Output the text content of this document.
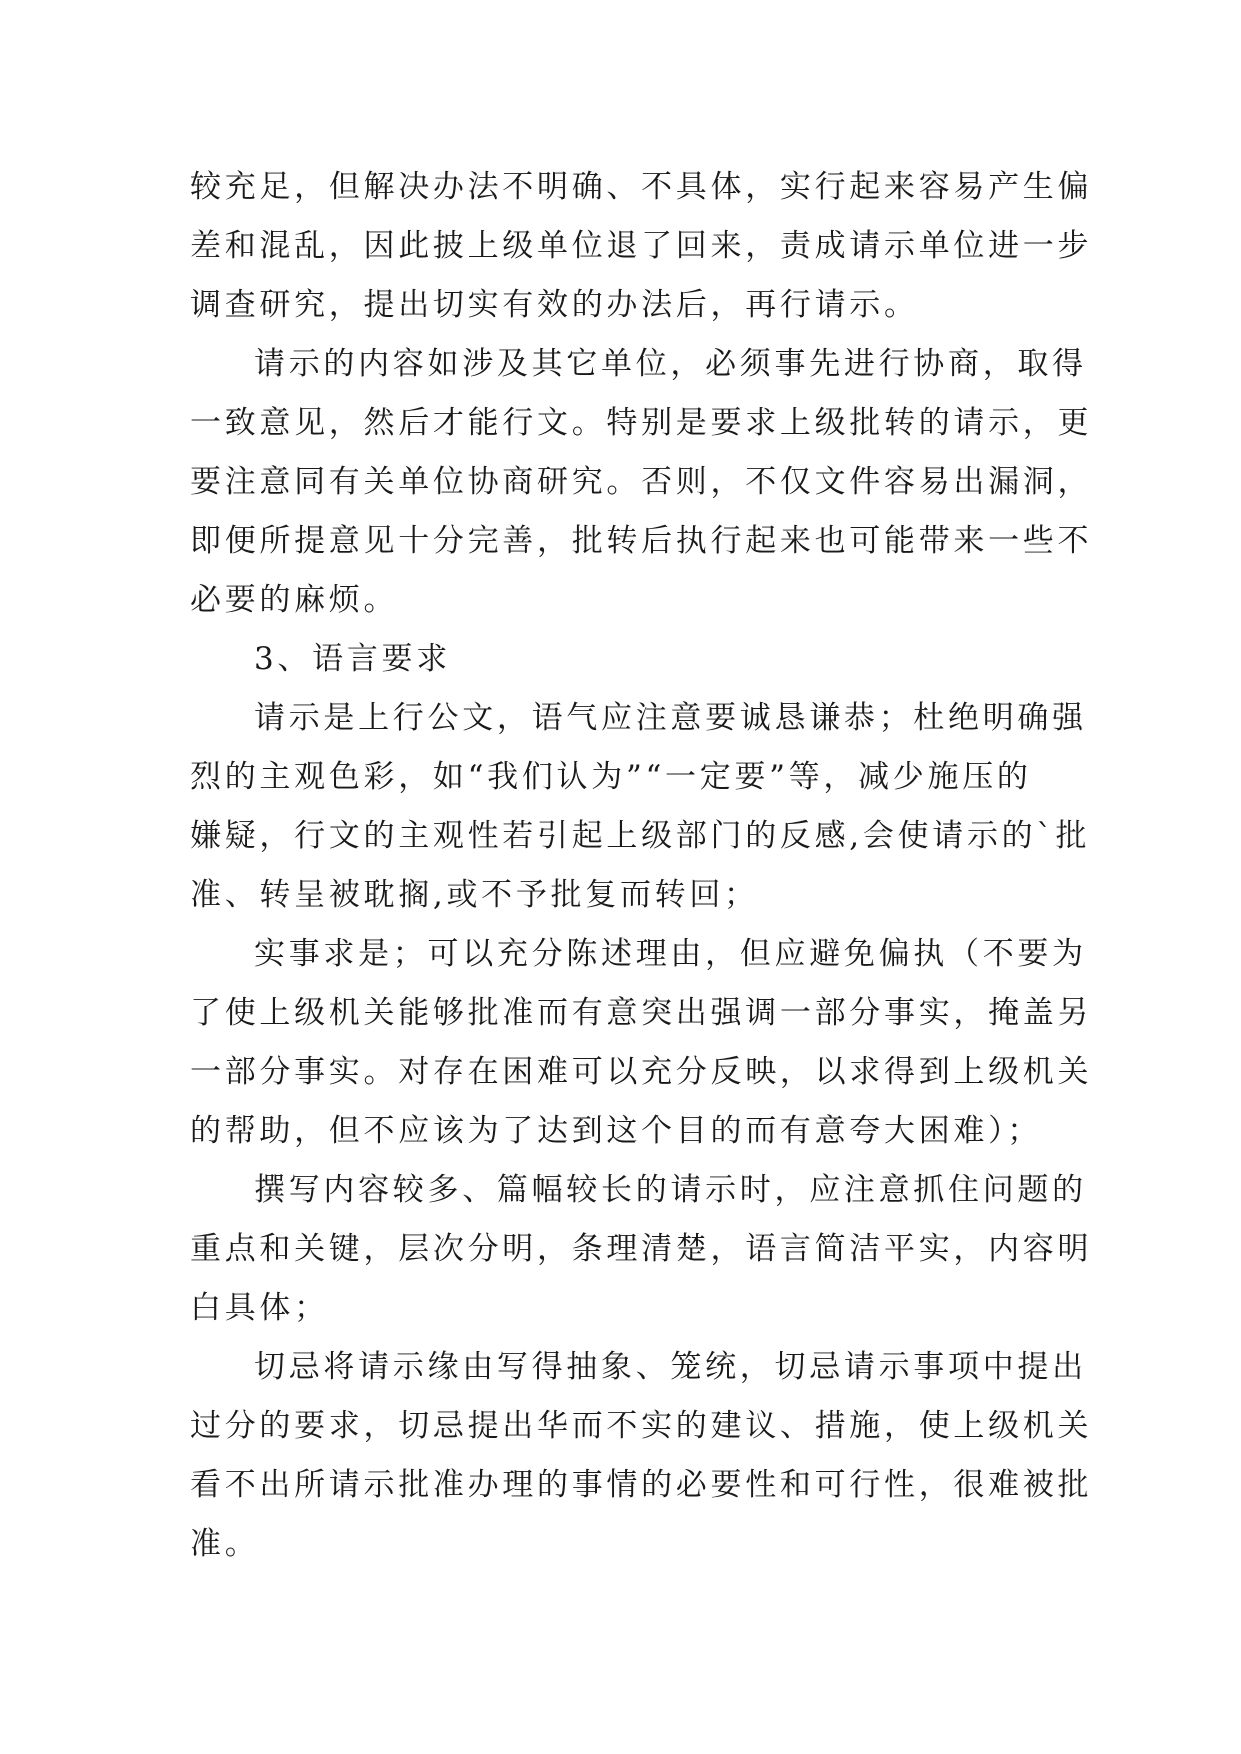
较充足，但解决办法不明确、不具体，实行起来容易产生偏
差和混乱，因此披上级单位退了回来，责成请示单位进一步
调查研究，提出切实有效的办法后，再行请示。
请示的内容如涉及其它单位，必须事先进行协商，取得
一致意见，然后才能行文。特别是要求上级批转的请示，更
要注意同有关单位协商研究。否则，不仅文件容易出漏洞，
即便所提意见十分完善，批转后执行起来也可能带来一些不
必要的麻烦。
3、语言要求
请示是上行公文，语气应注意要诚恳谦恭；杜绝明确强
烈的主观色彩，如“我们认为”“一定要”等，减少施压的
嫌疑，行文的主观性若引起上级部门的反感,会使请示的`批
准、转呈被耽搁,或不予批复而转回；
实事求是；可以充分陈述理由，但应避免偏执（不要为
了使上级机关能够批准而有意突出强调一部分事实，掩盖另
一部分事实。对存在困难可以充分反映，以求得到上级机关
的帮助，但不应该为了达到这个目的而有意夸大困难）；
撰写内容较多、篇幅较长的请示时，应注意抓住问题的
重点和关键，层次分明，条理清楚，语言简洁平实，内容明
白具体；
切忌将请示缘由写得抽象、笼统，切忌请示事项中提出
过分的要求，切忌提出华而不实的建议、措施，使上级机关
看不出所请示批准办理的事情的必要性和可行性，很难被批
准。
